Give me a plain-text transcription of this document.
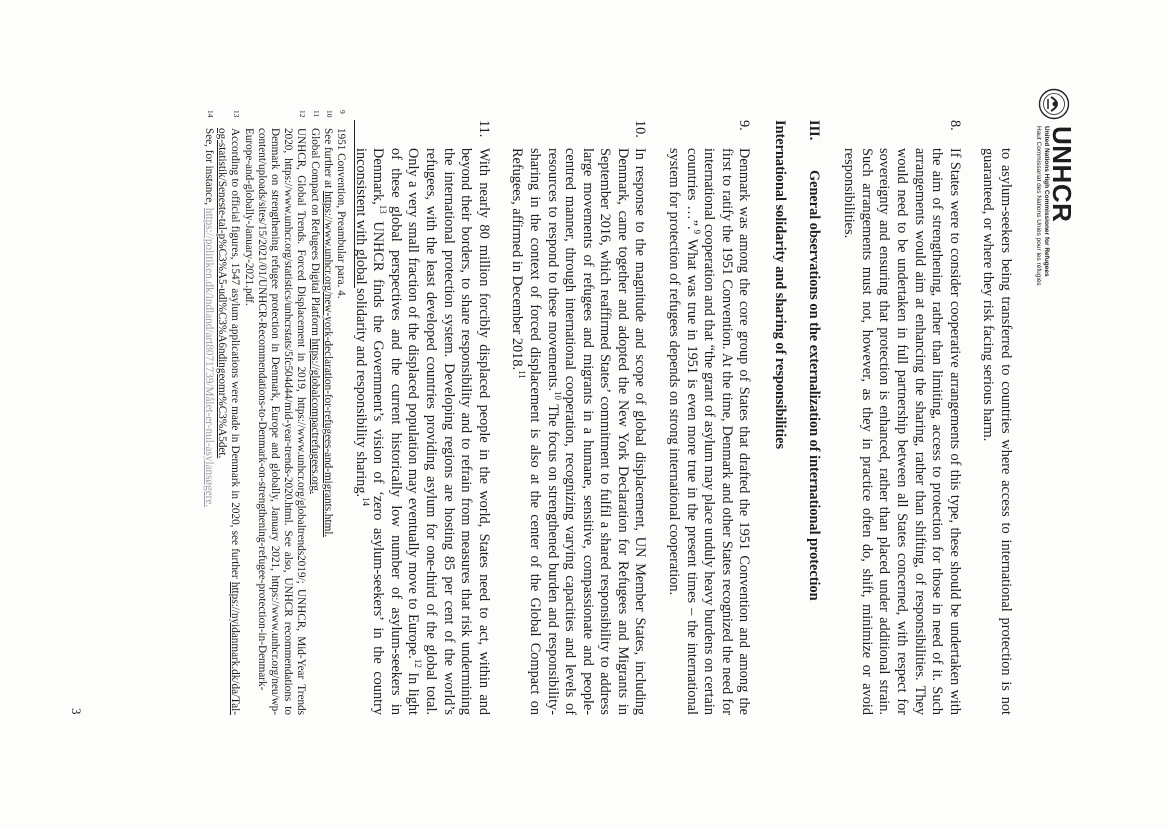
UNHCR
United Nations High Commissioner for Refugees
Haut Commissariat des Nations Unies pour les réfugiés

to asylum-seekers being transferred to countries where access to international protection is not guaranteed, or where they risk facing serious harm.

8.
If States were to consider cooperative arrangements of this type, these should be undertaken with the aim of strengthening, rather than limiting, access to protection for those in need of it. Such arrangements would aim at enhancing the sharing, rather than shifting, of responsibilities. They would need to be undertaken in full partnership between all States concerned, with respect for sovereignty and ensuring that protection is enhanced, rather than placed under additional strain. Such arrangements must not, however, as they in practice often do, shift, minimize or avoid responsibilities.
III.
General observations on the externalization of international protection
International solidarity and sharing of responsibilities
9.
Denmark was among the core group of States that drafted the 1951 Convention and among the first to ratify the 1951 Convention. At the time, Denmark and other States recognized the need for international cooperation and that “the grant of asylum may place unduly heavy burdens on certain countries …”.$^9$ What was true in 1951 is even more true in the present times – the international system for protection of refugees depends on strong international cooperation.
10.
In response to the magnitude and scope of global displacement, UN Member States, including Denmark, came together and adopted the New York Declaration for Refugees and Migrants in September 2016, which reaffirmed States’ commitment to fulfil a shared responsibility to address large movements of refugees and migrants in a humane, sensitive, compassionate and people-centred manner, through international cooperation, recognizing varying capacities and levels of resources to respond to these movements.$^{10}$ The focus on strengthened burden and responsibility-sharing in the context of forced displacement is also at the center of the Global Compact on Refugees, affirmed in December 2018.11
11.
With nearly 80 million forcibly displaced people in the world, States need to act, within and beyond their borders, to share responsibility and to refrain from measures that risk undermining the international protection system. Developing regions are hosting 85 per cent of the world’s refugees, with the least developed countries providing asylum for one-third of the global total. Only a very small fraction of the displaced population may eventually move to Europe.$^{12}$ In light of these global perspectives and the current historically low number of asylum-seekers in Denmark,$^{13}$ UNHCR finds the Government’s vision of ‘zero asylum-seekers’ in the country inconsistent with global solidarity and responsibility sharing.$^{14}$
9
1951 Convention, Preambular para. 4.
10
See further at https://www.unhcr.org/new-york-declaration-for-refugees-and-migrants.html.
11
Global Compact on Refugees Digital Platform https://globalcompactrefugees.org.
12
UNHCR, Global Trends. Forced Displacement in 2019, https://www.unhcr.org/globaltrends2019/; UNHCR, Mid-Year Trends 2020, https://www.unhcr.org/statistics/unhcrstats/5fc504d44/mid-year-trends-2020.html. See also, UNHCR recommendations to Denmark on strengthening refugee protection in Denmark, Europe and globally, January 2021, https://www.unhcr.org/neu/wp-content/uploads/sites/15/2021/01/UNHCR-Recommendations-to-Denmark-on-strengthening-refugee-protection-in-Denmark-Europe-and-globally-January-2021.pdf.
13
According to official figures, 1547 asylum applications were made in Denmark in 2020, see further https://nyidanmark.dk/da/Tal-og-statistik/Seneste-tal-p%C3%A5-udl%C3%A6ndingeomr%C3%A5det.
14
See, for instance, https://politiken.dk/indland/art8071739/Målet-er-nul-asylansøgere.
3
